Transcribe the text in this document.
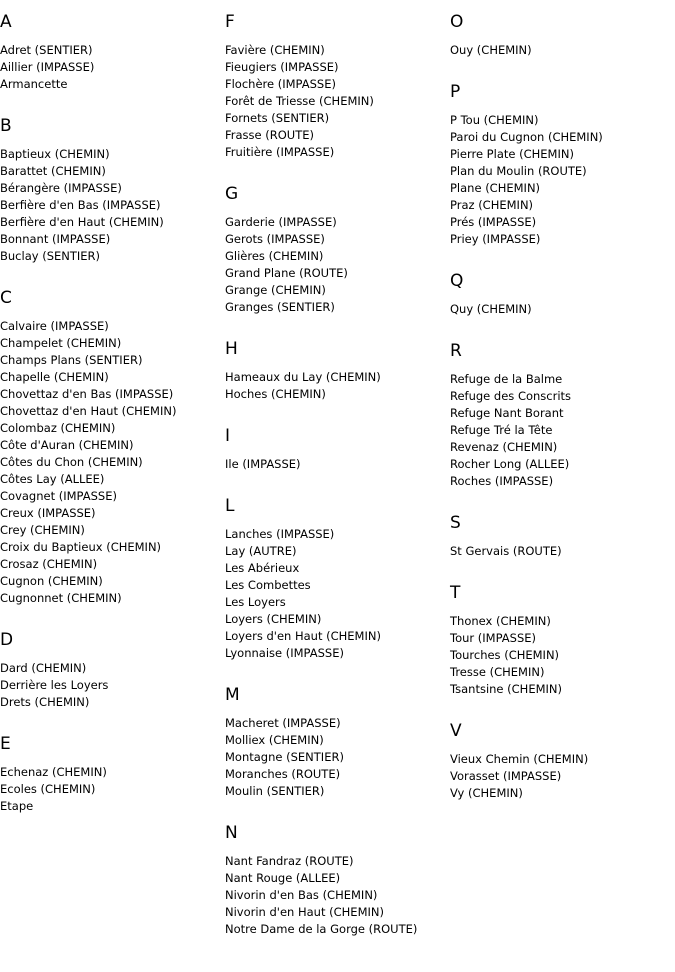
A
Adret (SENTIER)
Aillier (IMPASSE)
Armancette
B
Baptieux (CHEMIN)
Barattet (CHEMIN)
Bérangère (IMPASSE)
Berfière d'en Bas (IMPASSE)
Berfière d'en Haut (CHEMIN)
Bonnant (IMPASSE)
Buclay (SENTIER)
C
Calvaire (IMPASSE)
Champelet (CHEMIN)
Champs Plans (SENTIER)
Chapelle (CHEMIN)
Chovettaz d'en Bas (IMPASSE)
Chovettaz d'en Haut (CHEMIN)
Colombaz (CHEMIN)
Côte d'Auran (CHEMIN)
Côtes du Chon (CHEMIN)
Côtes Lay (ALLEE)
Covagnet (IMPASSE)
Creux (IMPASSE)
Crey (CHEMIN)
Croix du Baptieux (CHEMIN)
Crosaz (CHEMIN)
Cugnon (CHEMIN)
Cugnonnet (CHEMIN)
D
Dard (CHEMIN)
Derrière les Loyers
Drets (CHEMIN)
E
Echenaz (CHEMIN)
Ecoles (CHEMIN)
Etape
F
Favière (CHEMIN)
Fieugiers (IMPASSE)
Flochère (IMPASSE)
Forêt de Triesse (CHEMIN)
Fornets (SENTIER)
Frasse (ROUTE)
Fruitière (IMPASSE)
G
Garderie (IMPASSE)
Gerots (IMPASSE)
Glières (CHEMIN)
Grand Plane (ROUTE)
Grange (CHEMIN)
Granges (SENTIER)
H
Hameaux du Lay (CHEMIN)
Hoches (CHEMIN)
I
Ile (IMPASSE)
L
Lanches (IMPASSE)
Lay (AUTRE)
Les Abérieux
Les Combettes
Les Loyers
Loyers (CHEMIN)
Loyers d'en Haut (CHEMIN)
Lyonnaise (IMPASSE)
M
Macheret (IMPASSE)
Molliex (CHEMIN)
Montagne (SENTIER)
Moranches (ROUTE)
Moulin (SENTIER)
N
Nant Fandraz (ROUTE)
Nant Rouge (ALLEE)
Nivorin d'en Bas (CHEMIN)
Nivorin d'en Haut (CHEMIN)
Notre Dame de la Gorge (ROUTE)
O
Ouy (CHEMIN)
P
P Tou (CHEMIN)
Paroi du Cugnon (CHEMIN)
Pierre Plate (CHEMIN)
Plan du Moulin (ROUTE)
Plane (CHEMIN)
Praz (CHEMIN)
Prés (IMPASSE)
Priey (IMPASSE)
Q
Quy (CHEMIN)
R
Refuge de la Balme
Refuge des Conscrits
Refuge Nant Borant
Refuge Tré la Tête
Revenaz (CHEMIN)
Rocher Long (ALLEE)
Roches (IMPASSE)
S
St Gervais (ROUTE)
T
Thonex (CHEMIN)
Tour (IMPASSE)
Tourches (CHEMIN)
Tresse (CHEMIN)
Tsantsine (CHEMIN)
V
Vieux Chemin (CHEMIN)
Vorasset (IMPASSE)
Vy (CHEMIN)
